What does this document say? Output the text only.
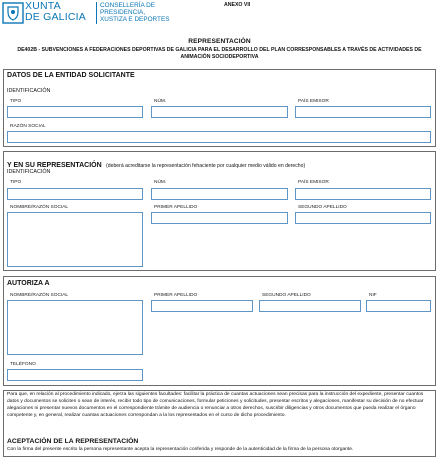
XUNTA
DE GALICIA
CONSELLERÍA DE
PRESIDENCIA,
XUSTIZA E DEPORTES
ANEXO VII
REPRESENTACIÓN
DE402B - SUBVENCIONES A FEDERACIONES DEPORTIVAS DE GALICIA PARA EL DESARROLLO DEL PLAN CORRESPONSABLES A TRAVÉS DE ACTIVIDADES DE ANIMACIÓN SOCIODEPORTIVA
DATOS DE LA ENTIDAD SOLICITANTE
IDENTIFICACIÓN
TIPO	NÚM.	PAÍS EMISOR
RAZÓN SOCIAL
Y EN SU REPRESENTACIÓN (deberá acreditarse la representación fehaciente por cualquier medio válido en derecho)
IDENTIFICACIÓN
TIPO	NÚM.	PAÍS EMISOR
NOMBRE/RAZÓN SOCIAL	PRIMER APELLIDO	SEGUNDO APELLIDO
AUTORIZA A
NOMBRE/RAZÓN SOCIAL	PRIMER APELLIDO	SEGUNDO APELLIDO	NIF
TELÉFONO
Para que, en relación al procedimiento indicado, ejerza las siguientes facultades: facilitar la práctica de cuantas actuaciones sean precisas para la instrucción del expediente, presentar cuantos datos y documentos se soliciten o sean de interés, recibir todo tipo de comunicaciones, formular peticiones y solicitudes, presentar escritos y alegaciones, manifestar su decisión de no efectuar alegaciones ni presentar nuevos documentos en el correspondiente trámite de audiencia o renunciar a otros derechos, suscribir diligencias y otros documentos que pueda realizar el órgano competente y, en general, realizar cuantas actuaciones correspondan a la los representados en el curso de dicho procedimiento.
ACEPTACIÓN DE LA REPRESENTACIÓN
Con la firma del presente escrito la persona representante acepta la representación conferida y responde de la autenticidad de la firma de la persona otorgante.
